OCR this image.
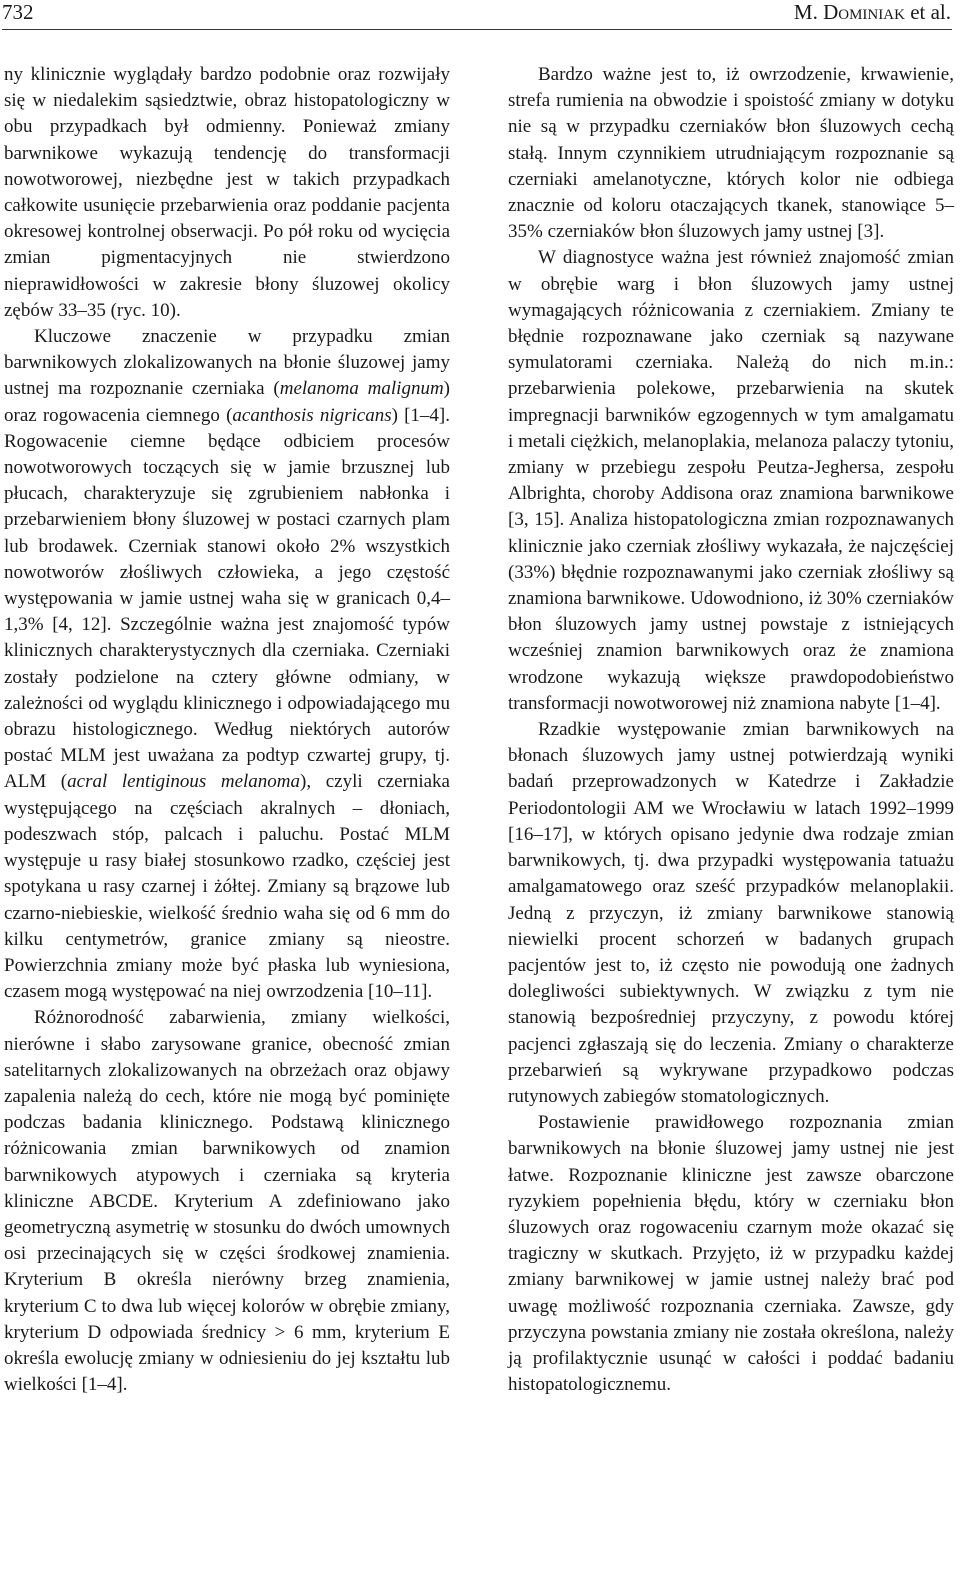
732	M. Dominiak et al.

ny klinicznie wyglądały bardzo podobnie oraz rozwijały się w niedalekim sąsiedztwie, obraz histopatologiczny w obu przypadkach był odmienny. Ponieważ zmiany barwnikowe wykazują tendencję do transformacji nowotworowej, niezbędne jest w takich przypadkach całkowite usunięcie przebarwienia oraz poddanie pacjenta okresowej kontrolnej obserwacji. Po pół roku od wycięcia zmian pigmentacyjnych nie stwierdzono nieprawidłowości w zakresie błony śluzowej okolicy zębów 33–35 (ryc. 10).

Kluczowe znaczenie w przypadku zmian barwnikowych zlokalizowanych na błonie śluzowej jamy ustnej ma rozpoznanie czerniaka (melanoma malignum) oraz rogowacenia ciemnego (acanthosis nigricans) [1–4]. Rogowacenie ciemne będące odbiciem procesów nowotworowych toczących się w jamie brzusznej lub płucach, charakteryzuje się zgrubieniem nabłonka i przebarwieniem błony śluzowej w postaci czarnych plam lub brodawek. Czerniak stanowi około 2% wszystkich nowotworów złośliwych człowieka, a jego częstość występowania w jamie ustnej waha się w granicach 0,4–1,3% [4, 12]. Szczególnie ważna jest znajomość typów klinicznych charakterystycznych dla czerniaka. Czerniaki zostały podzielone na cztery główne odmiany, w zależności od wyglądu klinicznego i odpowiadającego mu obrazu histologicznego. Według niektórych autorów postać MLM jest uważana za podtyp czwartej grupy, tj. ALM (acral lentiginous melanoma), czyli czerniaka występującego na częściach akralnych – dłoniach, podeszwach stóp, palcach i paluchu. Postać MLM występuje u rasy białej stosunkowo rzadko, częściej jest spotykana u rasy czarnej i żółtej. Zmiany są brązowe lub czarno-niebieskie, wielkość średnio waha się od 6 mm do kilku centymetrów, granice zmiany są nieostre. Powierzchnia zmiany może być płaska lub wyniesiona, czasem mogą występować na niej owrzodzenia [10–11].

Różnorodność zabarwienia, zmiany wielkości, nierówne i słabo zarysowane granice, obecność zmian satelitarnych zlokalizowanych na obrzeżach oraz objawy zapalenia należą do cech, które nie mogą być pominięte podczas badania klinicznego. Podstawą klinicznego różnicowania zmian barwnikowych od znamion barwnikowych atypowych i czerniaka są kryteria kliniczne ABCDE. Kryterium A zdefiniowano jako geometryczną asymetrię w stosunku do dwóch umownych osi przecinających się w części środkowej znamienia. Kryterium B określa nierówny brzeg znamienia, kryterium C to dwa lub więcej kolorów w obrębie zmiany, kryterium D odpowiada średnicy > 6 mm, kryterium E określa ewolucję zmiany w odniesieniu do jej kształtu lub wielkości [1–4].

Bardzo ważne jest to, iż owrzodzenie, krwawienie, strefa rumienia na obwodzie i spoistość zmiany w dotyku nie są w przypadku czerniaków błon śluzowych cechą stałą. Innym czynnikiem utrudniającym rozpoznanie są czerniaki amelanotyczne, których kolor nie odbiega znacznie od koloru otaczających tkanek, stanowiące 5–35% czerniaków błon śluzowych jamy ustnej [3].

W diagnostyce ważna jest również znajomość zmian w obrębie warg i błon śluzowych jamy ustnej wymagających różnicowania z czerniakiem. Zmiany te błędnie rozpoznawane jako czerniak są nazywane symulatorami czerniaka. Należą do nich m.in.: przebarwienia polekowe, przebarwienia na skutek impregnacji barwników egzogennych w tym amalgamatu i metali ciężkich, melanoplakia, melanoza palaczy tytoniu, zmiany w przebiegu zespołu Peutza-Jeghersa, zespołu Albrighta, choroby Addisona oraz znamiona barwnikowe [3, 15]. Analiza histopatologiczna zmian rozpoznawanych klinicznie jako czerniak złośliwy wykazała, że najczęściej (33%) błędnie rozpoznawanymi jako czerniak złośliwy są znamiona barwnikowe. Udowodniono, iż 30% czerniaków błon śluzowych jamy ustnej powstaje z istniejących wcześniej znamion barwnikowych oraz że znamiona wrodzone wykazują większe prawdopodobieństwo transformacji nowotworowej niż znamiona nabyte [1–4].

Rzadkie występowanie zmian barwnikowych na błonach śluzowych jamy ustnej potwierdzają wyniki badań przeprowadzonych w Katedrze i Zakładzie Periodontologii AM we Wrocławiu w latach 1992–1999 [16–17], w których opisano jedynie dwa rodzaje zmian barwnikowych, tj. dwa przypadki występowania tatuażu amalgamatowego oraz sześć przypadków melanoplakii. Jedną z przyczyn, iż zmiany barwnikowe stanowią niewielki procent schorzeń w badanych grupach pacjentów jest to, iż często nie powodują one żadnych dolegliwości subiektywnych. W związku z tym nie stanowią bezpośredniej przyczyny, z powodu której pacjenci zgłaszają się do leczenia. Zmiany o charakterze przebarwień są wykrywane przypadkowo podczas rutynowych zabiegów stomatologicznych.

Postawienie prawidłowego rozpoznania zmian barwnikowych na błonie śluzowej jamy ustnej nie jest łatwe. Rozpoznanie kliniczne jest zawsze obarczone ryzykiem popełnienia błędu, który w czerniaku błon śluzowych oraz rogowaceniu czarnym może okazać się tragiczny w skutkach. Przyjęto, iż w przypadku każdej zmiany barwnikowej w jamie ustnej należy brać pod uwagę możliwość rozpoznania czerniaka. Zawsze, gdy przyczyna powstania zmiany nie została określona, należy ją profilaktycznie usunąć w całości i poddać badaniu histopatologicznemu.
